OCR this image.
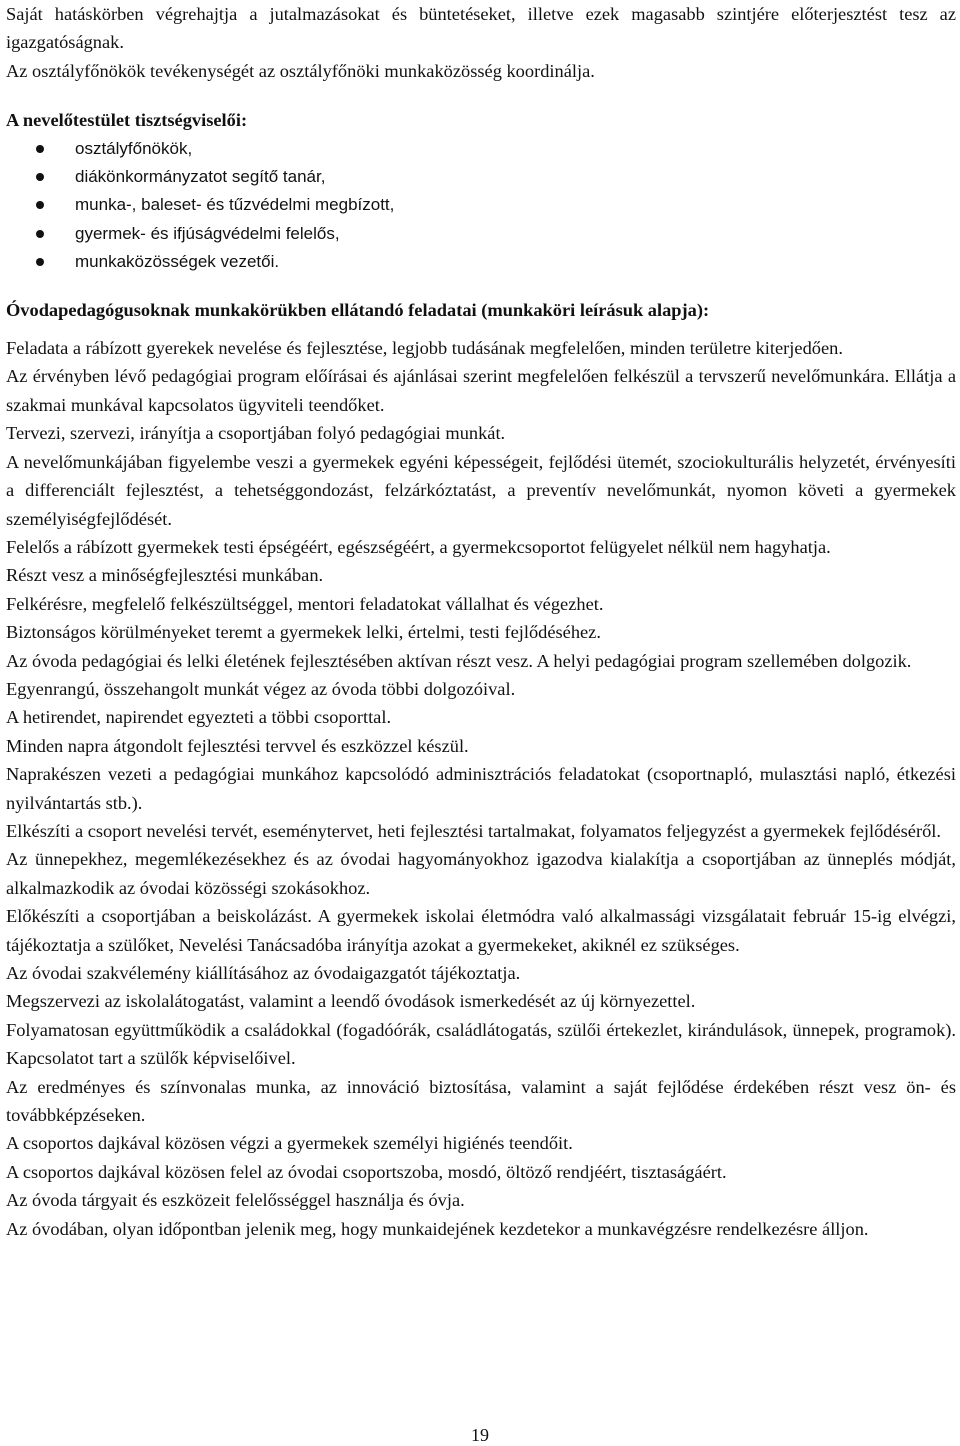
Saját hatáskörben végrehajtja a jutalmazásokat és büntetéseket, illetve ezek magasabb szintjére előterjesztést tesz az igazgatóságnak.

Az osztályfőnökök tevékenységét az osztályfőnöki munkaközösség koordinálja.

A nevelőtestület tisztségviselői:

osztályfőnökök,
diákönkormányzatot segítő tanár,
munka-, baleset- és tűzvédelmi megbízott,
gyermek- és ifjúságvédelmi felelős,
munkaközösségek vezetői.

Óvodapedagógusoknak munkakörükben ellátandó feladatai (munkaköri leírásuk alapja):

Feladata a rábízott gyerekek nevelése és fejlesztése, legjobb tudásának megfelelően, minden területre kiterjedően.

Az érvényben lévő pedagógiai program előírásai és ajánlásai szerint megfelelően felkészül a tervszerű nevelőmunkára. Ellátja a szakmai munkával kapcsolatos ügyviteli teendőket.

Tervezi, szervezi, irányítja a csoportjában folyó pedagógiai munkát.

A nevelőmunkájában figyelembe veszi a gyermekek egyéni képességeit, fejlődési ütemét, szociokulturális helyzetét, érvényesíti a differenciált fejlesztést, a tehetséggondozást, felzárkóztatást, a preventív nevelőmunkát, nyomon követi a gyermekek személyiségfejlődését.

Felelős a rábízott gyermekek testi épségéért, egészségéért, a gyermekcsoportot felügyelet nélkül nem hagyhatja.

Részt vesz a minőségfejlesztési munkában.

Felkérésre, megfelelő felkészültséggel, mentori feladatokat vállalhat és végezhet.

Biztonságos körülményeket teremt a gyermekek lelki, értelmi, testi fejlődéséhez.

Az óvoda pedagógiai és lelki életének fejlesztésében aktívan részt vesz. A helyi pedagógiai program szellemében dolgozik.

Egyenrangú, összehangolt munkát végez az óvoda többi dolgozóival.

A hetirendet, napirendet egyezteti a többi csoporttal.

Minden napra átgondolt fejlesztési tervvel és eszközzel készül.

Naprakészen vezeti a pedagógiai munkához kapcsolódó adminisztrációs feladatokat (csoportnapló, mulasztási napló, étkezési nyilvántartás stb.).

Elkészíti a csoport nevelési tervét, eseménytervet, heti fejlesztési tartalmakat, folyamatos feljegyzést a gyermekek fejlődéséről.

Az ünnepekhez, megemlékezésekhez és az óvodai hagyományokhoz igazodva kialakítja a csoportjában az ünneplés módját, alkalmazkodik az óvodai közösségi szokásokhoz.

Előkészíti a csoportjában a beiskolázást. A gyermekek iskolai életmódra való alkalmassági vizsgálatait február 15-ig elvégzi, tájékoztatja a szülőket, Nevelési Tanácsadóba irányítja azokat a gyermekeket, akiknél ez szükséges.

Az óvodai szakvélemény kiállításához az óvodaigazgatót tájékoztatja.

Megszervezi az iskolalátogatást, valamint a leendő óvodások ismerkedését az új környezettel.

Folyamatosan együttműködik a családokkal (fogadóórák, családlátogatás, szülői értekezlet, kirándulások, ünnepek, programok). Kapcsolatot tart a szülők képviselőivel.

Az eredményes és színvonalas munka, az innováció biztosítása, valamint a saját fejlődése érdekében részt vesz ön- és továbbképzéseken.

A csoportos dajkával közösen végzi a gyermekek személyi higiénés teendőit.

A csoportos dajkával közösen felel az óvodai csoportszoba, mosdó, öltöző rendjéért, tisztaságáért.

Az óvoda tárgyait és eszközeit felelősséggel használja és óvja.

Az óvodában, olyan időpontban jelenik meg, hogy munkaidejének kezdetekor a munkavégzésre rendelkezésre álljon.

19
